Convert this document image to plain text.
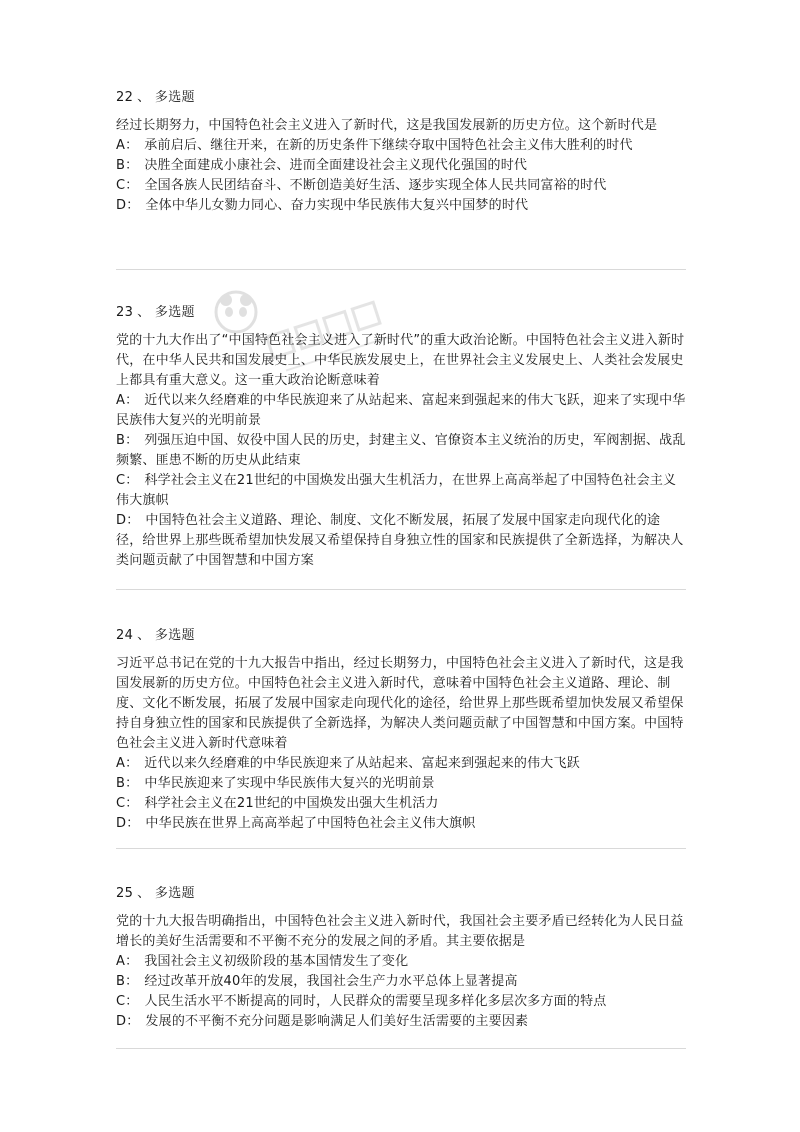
22 、 多选题

经过长期努力，中国特色社会主义进入了新时代，这是我国发展新的历史方位。这个新时代是

A： 承前启后、继往开来，在新的历史条件下继续夺取中国特色社会主义伟大胜利的时代
B： 决胜全面建成小康社会、进而全面建设社会主义现代化强国的时代
C： 全国各族人民团结奋斗、不断创造美好生活、逐步实现全体人民共同富裕的时代
D： 全体中华儿女勠力同心、奋力实现中华民族伟大复兴中国梦的时代
23 、 多选题

党的十九大作出了“中国特色社会主义进入了新时代”的重大政治论断。中国特色社会主义进入新时代，在中华人民共和国发展史上、中华民族发展史上，在世界社会主义发展史上、人类社会发展史上都具有重大意义。这一重大政治论断意味着

A： 近代以来久经磨难的中华民族迎来了从站起来、富起来到强起来的伟大飞跃，迎来了实现中华民族伟大复兴的光明前景
B： 列强压迫中国、奴役中国人民的历史，封建主义、官僚资本主义统治的历史，军阀割据、战乱频繁、匪患不断的历史从此结束
C： 科学社会主义在21世纪的中国焕发出强大生机活力，在世界上高高举起了中国特色社会主义伟大旗帜
D： 中国特色社会主义道路、理论、制度、文化不断发展，拓展了发展中国家走向现代化的途径，给世界上那些既希望加快发展又希望保持自身独立性的国家和民族提供了全新选择，为解决人类问题贡献了中国智慧和中国方案
24 、 多选题

习近平总书记在党的十九大报告中指出，经过长期努力，中国特色社会主义进入了新时代，这是我国发展新的历史方位。中国特色社会主义进入新时代，意味着中国特色社会主义道路、理论、制度、文化不断发展，拓展了发展中国家走向现代化的途径，给世界上那些既希望加快发展又希望保持自身独立性的国家和民族提供了全新选择，为解决人类问题贡献了中国智慧和中国方案。中国特色社会主义进入新时代意味着

A： 近代以来久经磨难的中华民族迎来了从站起来、富起来到强起来的伟大飞跃
B： 中华民族迎来了实现中华民族伟大复兴的光明前景
C： 科学社会主义在21世纪的中国焕发出强大生机活力
D： 中华民族在世界上高高举起了中国特色社会主义伟大旗帜
25 、 多选题

党的十九大报告明确指出，中国特色社会主义进入新时代，我国社会主要矛盾已经转化为人民日益增长的美好生活需要和不平衡不充分的发展之间的矛盾。其主要依据是

A： 我国社会主义初级阶段的基本国情发生了变化
B： 经过改革开放40年的发展，我国社会生产力水平总体上显著提高
C： 人民生活水平不断提高的同时，人民群众的需要呈现多样化多层次多方面的特点
D： 发展的不平衡不充分问题是影响满足人们美好生活需要的主要因素
